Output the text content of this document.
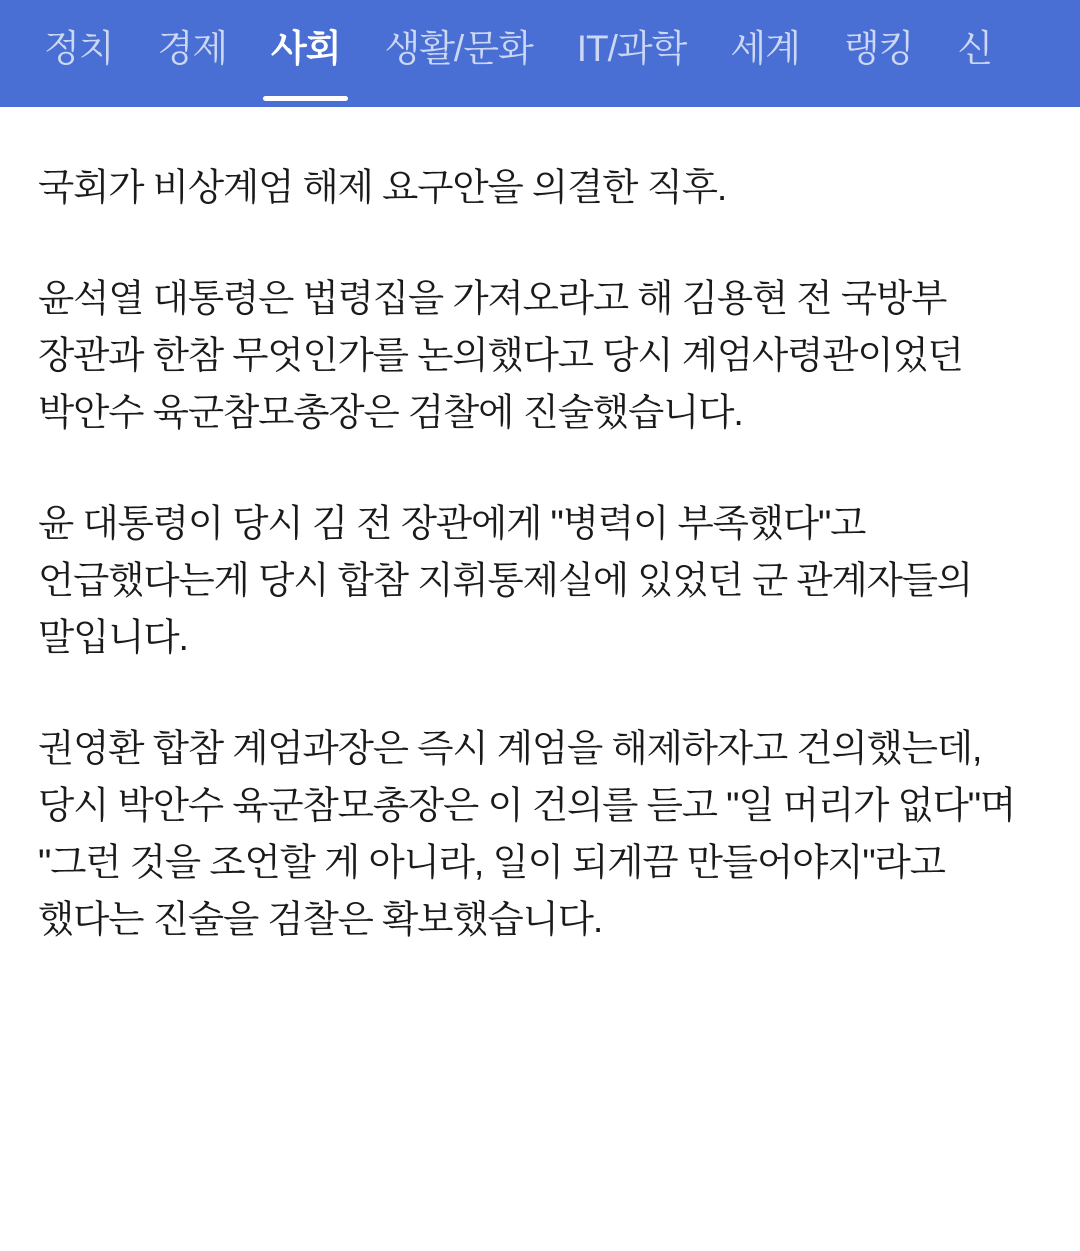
정치 경제 사회 생활/문화 IT/과학 세계 랭킹 신

국회가 비상계엄 해제 요구안을 의결한 직후.

윤석열 대통령은 법령집을 가져오라고 해 김용현 전 국방부 장관과 한참 무엇인가를 논의했다고 당시 계엄사령관이었던 박안수 육군참모총장은 검찰에 진술했습니다.

윤 대통령이 당시 김 전 장관에게 "병력이 부족했다"고 언급했다는게 당시 합참 지휘통제실에 있었던 군 관계자들의 말입니다.

권영환 합참 계엄과장은 즉시 계엄을 해제하자고 건의했는데, 당시 박안수 육군참모총장은 이 건의를 듣고 "일 머리가 없다"며 "그런 것을 조언할 게 아니라, 일이 되게끔 만들어야지"라고 했다는 진술을 검찰은 확보했습니다.
